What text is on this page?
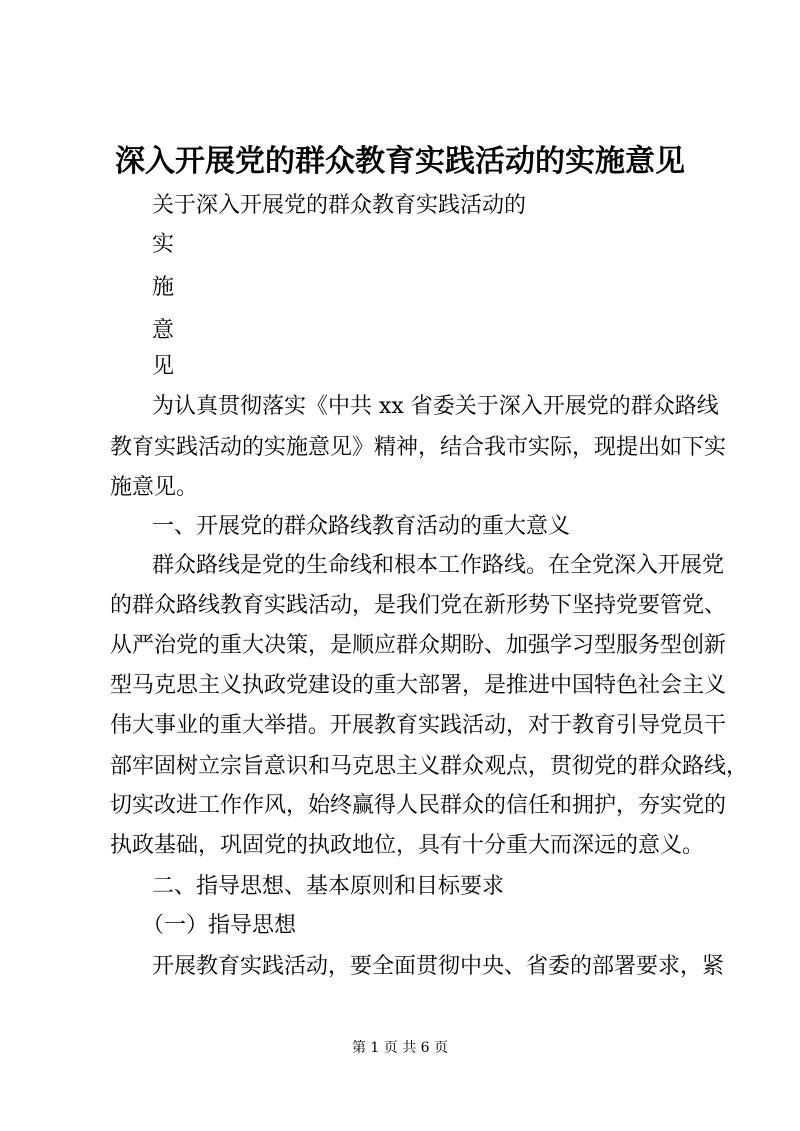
深入开展党的群众教育实践活动的实施意见
关于深入开展党的群众教育实践活动的
实
施
意
见
为认真贯彻落实《中共 xx 省委关于深入开展党的群众路线
教育实践活动的实施意见》精神，结合我市实际，现提出如下实
施意见。
一、开展党的群众路线教育活动的重大意义
群众路线是党的生命线和根本工作路线。在全党深入开展党
的群众路线教育实践活动，是我们党在新形势下坚持党要管党、
从严治党的重大决策，是顺应群众期盼、加强学习型服务型创新
型马克思主义执政党建设的重大部署，是推进中国特色社会主义
伟大事业的重大举措。开展教育实践活动，对于教育引导党员干
部牢固树立宗旨意识和马克思主义群众观点，贯彻党的群众路线，
切实改进工作作风，始终赢得人民群众的信任和拥护，夯实党的
执政基础，巩固党的执政地位，具有十分重大而深远的意义。
二、指导思想、基本原则和目标要求
（一）指导思想
开展教育实践活动，要全面贯彻中央、省委的部署要求，紧
第 1 页 共 6 页
